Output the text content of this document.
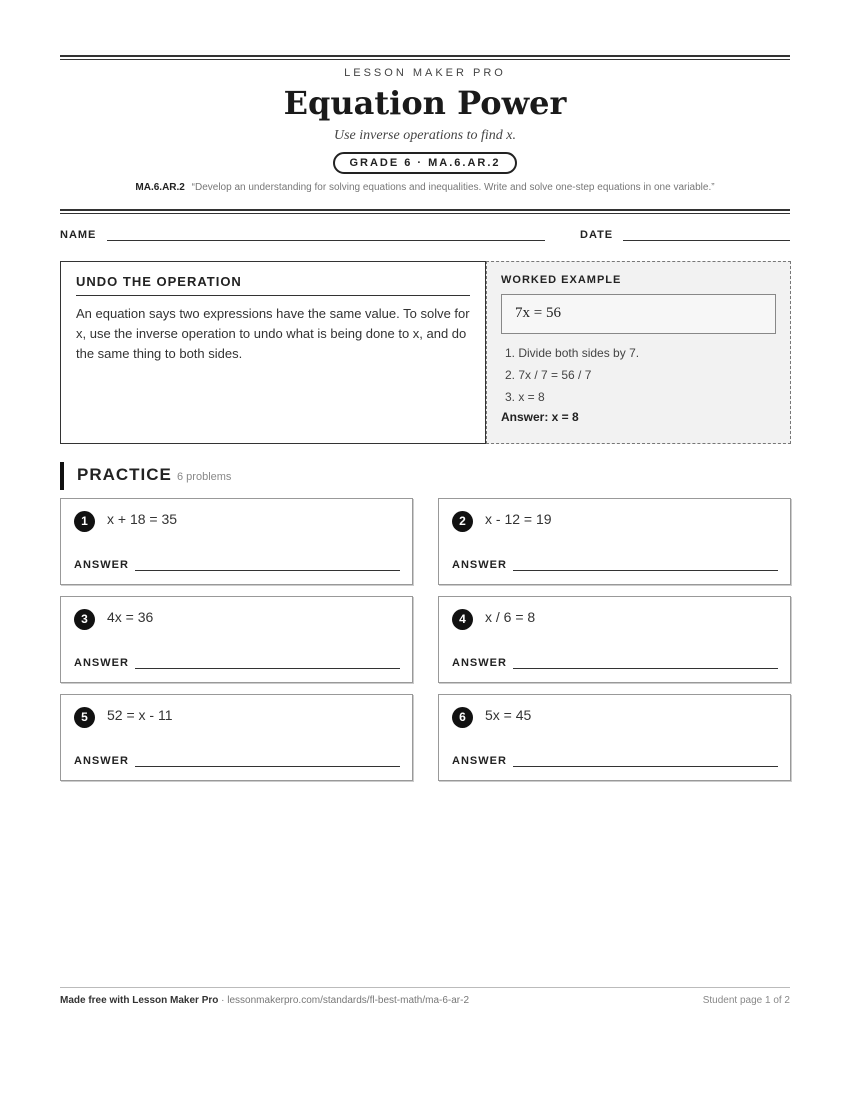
LESSON MAKER PRO
Equation Power
Use inverse operations to find x.
GRADE 6 · MA.6.AR.2
MA.6.AR.2 “Develop an understanding for solving equations and inequalities. Write and solve one-step equations in one variable.”
NAME	DATE
UNDO THE OPERATION
An equation says two expressions have the same value. To solve for x, use the inverse operation to undo what is being done to x, and do the same thing to both sides.
WORKED EXAMPLE
7x = 56
1. Divide both sides by 7.
2. 7x / 7 = 56 / 7
3. x = 8
Answer: x = 8
PRACTICE 6 problems
1	x + 18 = 35
ANSWER
2	x - 12 = 19
ANSWER
3	4x = 36
ANSWER
4	x / 6 = 8
ANSWER
5	52 = x - 11
ANSWER
6	5x = 45
ANSWER
Made free with Lesson Maker Pro · lessonmakerpro.com/standards/fl-best-math/ma-6-ar-2	Student page 1 of 2
